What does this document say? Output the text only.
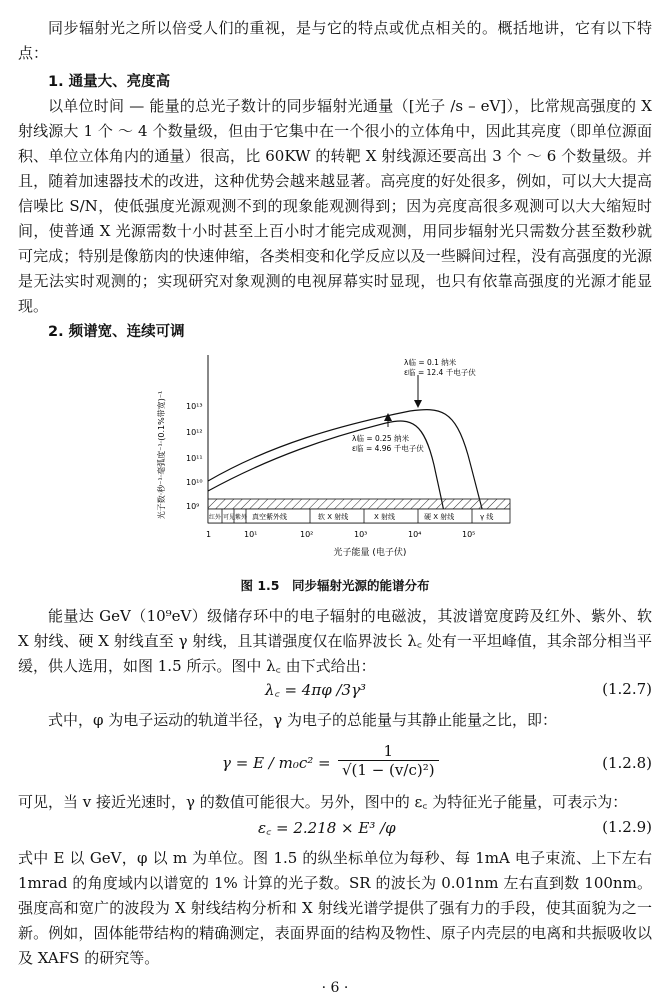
同步辐射光之所以倍受人们的重视，是与它的特点或优点相关的。概括地讲，它有以下特点：

1. 通量大、亮度高

以单位时间 — 能量的总光子数计的同步辐射光通量（[光子 /s – eV]），比常规高强度的 X 射线源大 1 个 ～ 4 个数量级，但由于它集中在一个很小的立体角中，因此其亮度（即单位源面积、单位立体角内的通量）很高，比 60KW 的转靶 X 射线源还要高出 3 个 ～ 6 个数量级。并且，随着加速器技术的改进，这种优势会越来越显著。高亮度的好处很多，例如，可以大大提高信噪比 S/N，使低强度光源观测不到的现象能观测得到；因为亮度高很多观测可以大大缩短时间，使普通 X 光源需数十小时甚至上百小时才能完成观测，用同步辐射光只需数分甚至数秒就可完成；特别是像筋肉的快速伸缩，各类相变和化学反应以及一些瞬间过程，没有高强度的光源是无法实时观测的；实现研究对象观测的电视屏幕实时显现，也只有依靠高强度的光源才能显现。

2. 频谱宽、连续可调

光子数·秒⁻¹·毫弧度⁻¹·(0.1%带宽)⁻¹	10¹³
10¹²
10¹¹
10¹⁰
10⁹
λ临 = 0.1 纳米
ε临 = 12.4 千电子伏
λ临 = 0.25 纳米
ε临 = 4.96 千电子伏
红外 可见 紫外 真空紫外线	软 X 射线	X 射线	硬 X 射线	γ 线
1	10¹	10²	10³	10⁴	10⁵
光子能量 (电子伏)
图 1.5　同步辐射光源的能谱分布

能量达 GeV（10⁹eV）级储存环中的电子辐射的电磁波，其波谱宽度跨及红外、紫外、软 X 射线、硬 X 射线直至 γ 射线，且其谱强度仅在临界波长 λ꜀ 处有一平坦峰值，其余部分相当平缓，供人选用，如图 1.5 所示。图中 λ꜀ 由下式给出：

λ꜀ = 4πφ /3γ³	(1.2.7)

式中，φ 为电子运动的轨道半径，γ 为电子的总能量与其静止能量之比，即：

$\gamma = E / m_0c^2 = \frac{1}{\text{√(1 − (v/c)²)}}$	(1.2.8)

可见，当 v 接近光速时，γ 的数值可能很大。另外，图中的 ε꜀ 为特征光子能量，可表示为：

ε꜀ = 2.218 × E³ /φ	(1.2.9)

式中 E 以 GeV，φ 以 m 为单位。图 1.5 的纵坐标单位为每秒、每 1mA 电子束流、上下左右 1mrad 的角度域内以谱宽的 1% 计算的光子数。SR 的波长为 0.01nm 左右直到数 100nm。强度高和宽广的波段为 X 射线结构分析和 X 射线光谱学提供了强有力的手段，使其面貌为之一新。例如，固体能带结构的精确测定，表面界面的结构及物性、原子内壳层的电离和共振吸收以及 XAFS 的研究等。

· 6 ·
